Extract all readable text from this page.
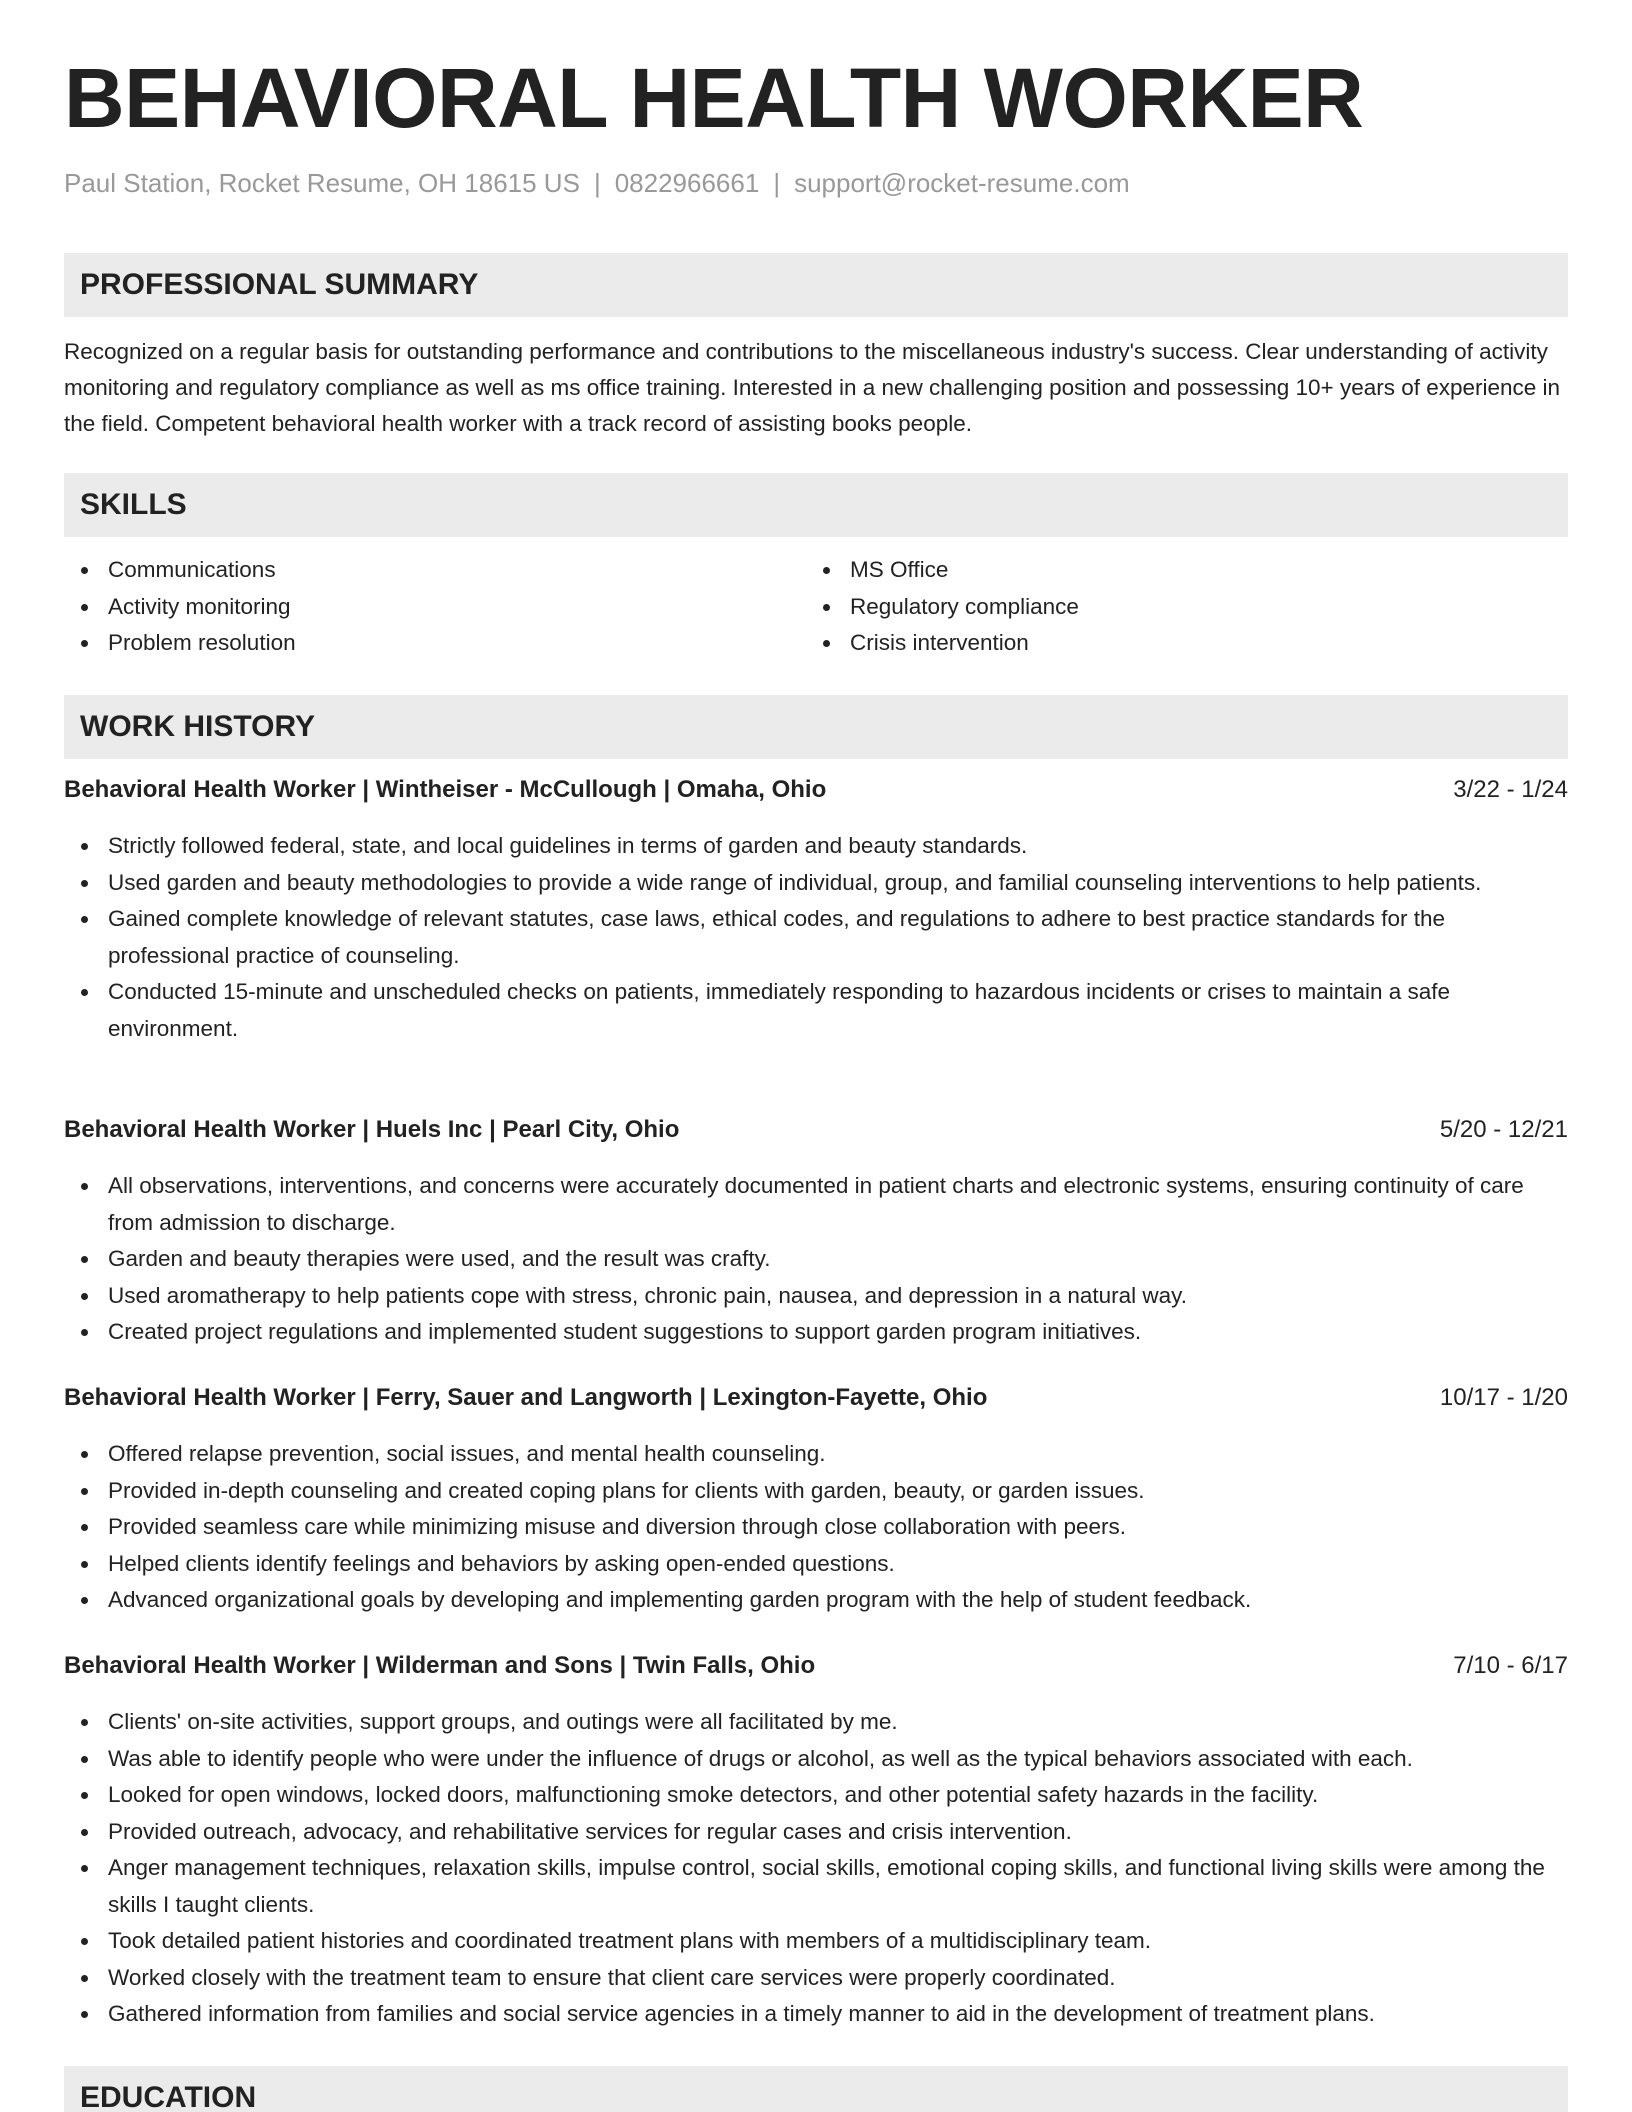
BEHAVIORAL HEALTH WORKER
Paul Station, Rocket Resume, OH 18615 US | 0822966661 | support@rocket-resume.com
PROFESSIONAL SUMMARY

Recognized on a regular basis for outstanding performance and contributions to the miscellaneous industry's success. Clear understanding of activity monitoring and regulatory compliance as well as ms office training. Interested in a new challenging position and possessing 10+ years of experience in the field. Competent behavioral health worker with a track record of assisting books people.

SKILLS
Communications
Activity monitoring
Problem resolution
MS Office
Regulatory compliance
Crisis intervention
WORK HISTORY
Behavioral Health Worker | Wintheiser - McCullough | Omaha, Ohio	3/22 - 1/24
Strictly followed federal, state, and local guidelines in terms of garden and beauty standards.
Used garden and beauty methodologies to provide a wide range of individual, group, and familial counseling interventions to help patients.
Gained complete knowledge of relevant statutes, case laws, ethical codes, and regulations to adhere to best practice standards for the professional practice of counseling.
Conducted 15-minute and unscheduled checks on patients, immediately responding to hazardous incidents or crises to maintain a safe environment.
Behavioral Health Worker | Huels Inc | Pearl City, Ohio	5/20 - 12/21
All observations, interventions, and concerns were accurately documented in patient charts and electronic systems, ensuring continuity of care from admission to discharge.
Garden and beauty therapies were used, and the result was crafty.
Used aromatherapy to help patients cope with stress, chronic pain, nausea, and depression in a natural way.
Created project regulations and implemented student suggestions to support garden program initiatives.
Behavioral Health Worker | Ferry, Sauer and Langworth | Lexington-Fayette, Ohio	10/17 - 1/20
Offered relapse prevention, social issues, and mental health counseling.
Provided in-depth counseling and created coping plans for clients with garden, beauty, or garden issues.
Provided seamless care while minimizing misuse and diversion through close collaboration with peers.
Helped clients identify feelings and behaviors by asking open-ended questions.
Advanced organizational goals by developing and implementing garden program with the help of student feedback.
Behavioral Health Worker | Wilderman and Sons | Twin Falls, Ohio	7/10 - 6/17
Clients' on-site activities, support groups, and outings were all facilitated by me.
Was able to identify people who were under the influence of drugs or alcohol, as well as the typical behaviors associated with each.
Looked for open windows, locked doors, malfunctioning smoke detectors, and other potential safety hazards in the facility.
Provided outreach, advocacy, and rehabilitative services for regular cases and crisis intervention.
Anger management techniques, relaxation skills, impulse control, social skills, emotional coping skills, and functional living skills were among the skills I taught clients.
Took detailed patient histories and coordinated treatment plans with members of a multidisciplinary team.
Worked closely with the treatment team to ensure that client care services were properly coordinated.
Gathered information from families and social service agencies in a timely manner to aid in the development of treatment plans.
EDUCATION
